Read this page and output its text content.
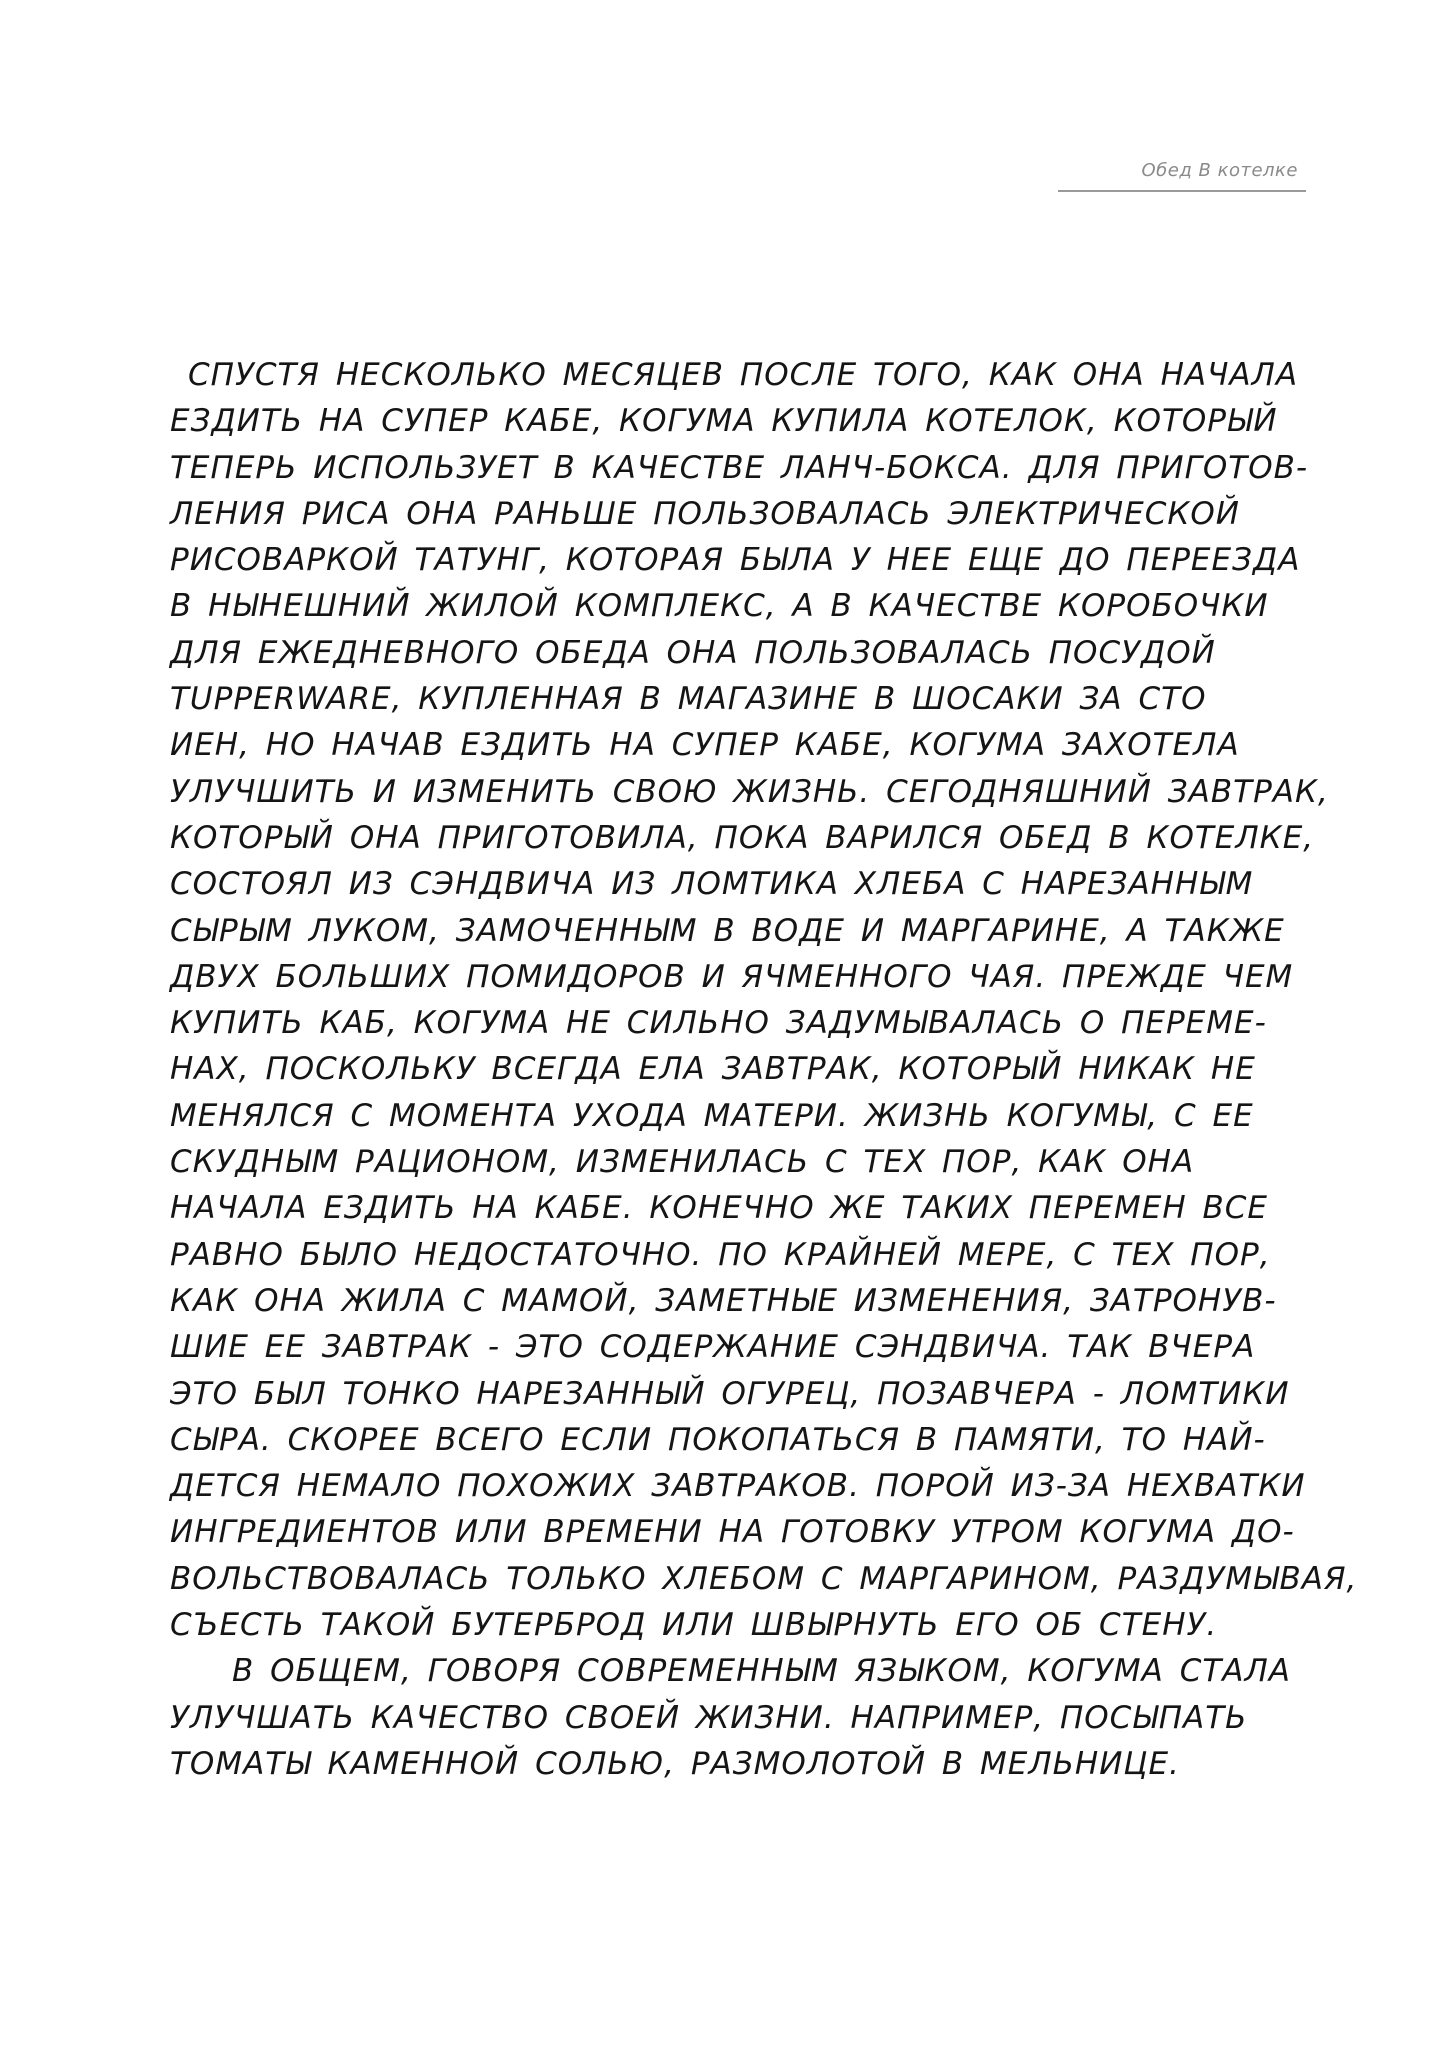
Обед В котелке
СПУСТЯ НЕСКОЛЬКО МЕСЯЦЕВ ПОСЛЕ ТОГО, КАК ОНА НАЧАЛА
ЕЗДИТЬ НА СУПЕР КАБЕ, КОГУМА КУПИЛА КОТЕЛОК, КОТОРЫЙ
ТЕПЕРЬ ИСПОЛЬЗУЕТ В КАЧЕСТВЕ ЛАНЧ-БОКСА. ДЛЯ ПРИГОТОВ-
ЛЕНИЯ РИСА ОНА РАНЬШЕ ПОЛЬЗОВАЛАСЬ ЭЛЕКТРИЧЕСКОЙ
РИСОВАРКОЙ ТАТУНГ, КОТОРАЯ БЫЛА У НЕЕ ЕЩЕ ДО ПЕРЕЕЗДА
В НЫНЕШНИЙ ЖИЛОЙ КОМПЛЕКС, А В КАЧЕСТВЕ КОРОБОЧКИ
ДЛЯ ЕЖЕДНЕВНОГО ОБЕДА ОНА ПОЛЬЗОВАЛАСЬ ПОСУДОЙ
TUPPERWARE, КУПЛЕННАЯ В МАГАЗИНЕ В ШОСАКИ ЗА СТО
ИЕН, НО НАЧАВ ЕЗДИТЬ НА СУПЕР КАБЕ, КОГУМА ЗАХОТЕЛА
УЛУЧШИТЬ И ИЗМЕНИТЬ СВОЮ ЖИЗНЬ. СЕГОДНЯШНИЙ ЗАВТРАК,
КОТОРЫЙ ОНА ПРИГОТОВИЛА, ПОКА ВАРИЛСЯ ОБЕД В КОТЕЛКЕ,
СОСТОЯЛ ИЗ СЭНДВИЧА ИЗ ЛОМТИКА ХЛЕБА С НАРЕЗАННЫМ
СЫРЫМ ЛУКОМ, ЗАМОЧЕННЫМ В ВОДЕ И МАРГАРИНЕ, А ТАКЖЕ
ДВУХ БОЛЬШИХ ПОМИДОРОВ И ЯЧМЕННОГО ЧАЯ. ПРЕЖДЕ ЧЕМ
КУПИТЬ КАБ, КОГУМА НЕ СИЛЬНО ЗАДУМЫВАЛАСЬ О ПЕРЕМЕ-
НАХ, ПОСКОЛЬКУ ВСЕГДА ЕЛА ЗАВТРАК, КОТОРЫЙ НИКАК НЕ
МЕНЯЛСЯ С МОМЕНТА УХОДА МАТЕРИ. ЖИЗНЬ КОГУМЫ, С ЕЕ
СКУДНЫМ РАЦИОНОМ, ИЗМЕНИЛАСЬ С ТЕХ ПОР, КАК ОНА
НАЧАЛА ЕЗДИТЬ НА КАБЕ. КОНЕЧНО ЖЕ ТАКИХ ПЕРЕМЕН ВСЕ
РАВНО БЫЛО НЕДОСТАТОЧНО. ПО КРАЙНЕЙ МЕРЕ, С ТЕХ ПОР,
КАК ОНА ЖИЛА С МАМОЙ, ЗАМЕТНЫЕ ИЗМЕНЕНИЯ, ЗАТРОНУВ-
ШИЕ ЕЕ ЗАВТРАК - ЭТО СОДЕРЖАНИЕ СЭНДВИЧА. ТАК ВЧЕРА
ЭТО БЫЛ ТОНКО НАРЕЗАННЫЙ ОГУРЕЦ, ПОЗАВЧЕРА - ЛОМТИКИ
СЫРА. СКОРЕЕ ВСЕГО ЕСЛИ ПОКОПАТЬСЯ В ПАМЯТИ, ТО НАЙ-
ДЕТСЯ НЕМАЛО ПОХОЖИХ ЗАВТРАКОВ. ПОРОЙ ИЗ-ЗА НЕХВАТКИ
ИНГРЕДИЕНТОВ ИЛИ ВРЕМЕНИ НА ГОТОВКУ УТРОМ КОГУМА ДО-
ВОЛЬСТВОВАЛАСЬ ТОЛЬКО ХЛЕБОМ С МАРГАРИНОМ, РАЗДУМЫВАЯ,
СЪЕСТЬ ТАКОЙ БУТЕРБРОД ИЛИ ШВЫРНУТЬ ЕГО ОБ СТЕНУ.
В ОБЩЕМ, ГОВОРЯ СОВРЕМЕННЫМ ЯЗЫКОМ, КОГУМА СТАЛА
УЛУЧШАТЬ КАЧЕСТВО СВОЕЙ ЖИЗНИ. НАПРИМЕР, ПОСЫПАТЬ
ТОМАТЫ КАМЕННОЙ СОЛЬЮ, РАЗМОЛОТОЙ В МЕЛЬНИЦЕ.
